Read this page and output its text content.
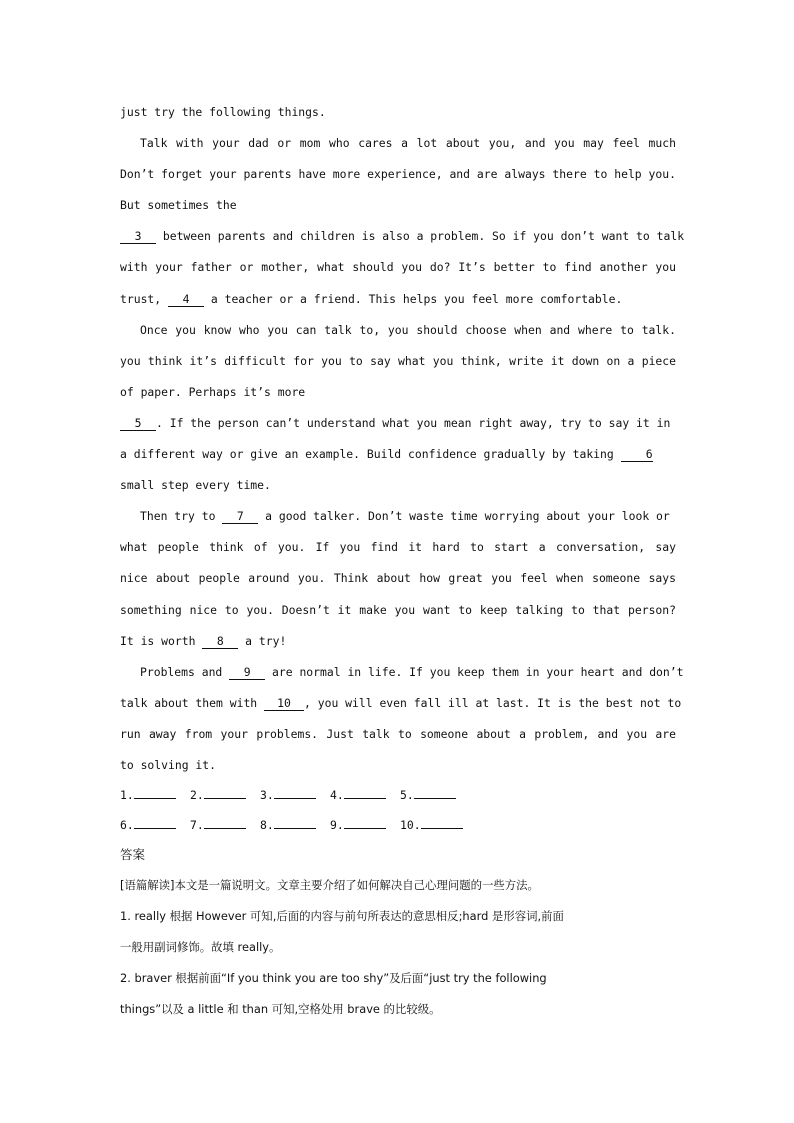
just try the following things.
Talk with your dad or mom who cares a lot about you, and you may feel much
Don’t forget your parents have more experience, and are always there to help you.
But sometimes the
3 between parents and children is also a problem. So if you don’t want to talk
with your father or mother, what should you do? It’s better to find another you
trust, 4 a teacher or a friend. This helps you feel more comfortable.
Once you know who you can talk to, you should choose when and where to talk.
you think it’s difficult for you to say what you think, write it down on a piece
of paper. Perhaps it’s more
5 . If the person can’t understand what you mean right away, try to say it in
a different way or give an example. Build confidence gradually by taking 6
small step every time.
Then try to 7 a good talker. Don’t waste time worrying about your look or
what people think of you. If you find it hard to start a conversation, say
nice about people around you. Think about how great you feel when someone says
something nice to you. Doesn’t it make you want to keep talking to that person?
It is worth 8 a try!
Problems and 9 are normal in life. If you keep them in your heart and don’t
talk about them with 10 , you will even fall ill at last. It is the best not to
run away from your problems. Just talk to someone about a problem, and you are
to solving it.
1.	2.	3.	4.	5.
6.	7.	8.	9.	10.
答案
[语篇解读]本文是一篇说明文。文章主要介绍了如何解决自己心理问题的一些方法。
1. really 根据 However 可知,后面的内容与前句所表达的意思相反;hard 是形容词,前面
一般用副词修饰。故填 really。
2. braver 根据前面“If you think you are too shy”及后面“just try the following
things”以及 a little 和 than 可知,空格处用 brave 的比较级。
